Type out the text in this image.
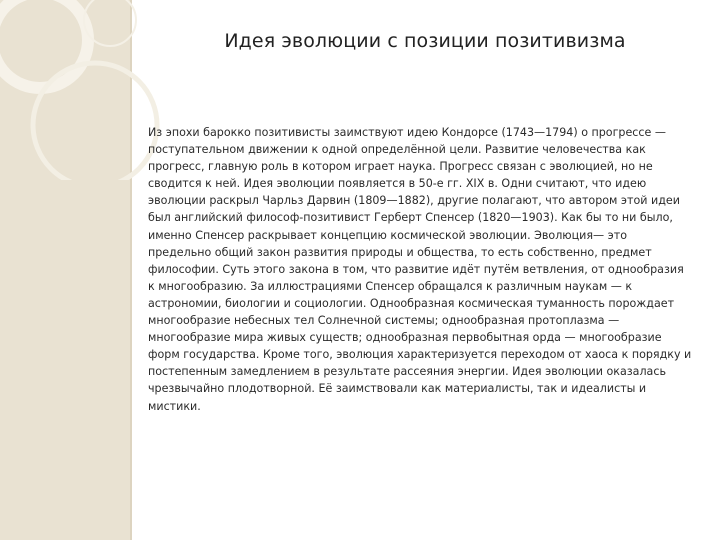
Идея эволюции с позиции позитивизма

Из эпохи барокко позитивисты заимствуют идею Кондорсе (1743—1794) о прогрессе — поступательном движении к одной определённой цели. Развитие человечества как прогресс, главную роль в котором играет наука. Прогресс связан с эволюцией, но не сводится к ней. Идея эволюции появляется в 50-е гг. XIX в. Одни считают, что идею эволюции раскрыл Чарльз Дарвин (1809—1882), другие полагают, что автором этой идеи был английский философ-позитивист Герберт Спенсер (1820—1903). Как бы то ни было, именно Спенсер раскрывает концепцию космической эволюции. Эволюция— это предельно общий закон развития природы и общества, то есть собственно, предмет философии. Суть этого закона в том, что развитие идёт путём ветвления, от однообразия к многообразию. За иллюстрациями Спенсер обращался к различным наукам — к астрономии, биологии и социологии. Однообразная космическая туманность порождает многообразие небесных тел Солнечной системы; однообразная протоплазма — многообразие мира живых существ; однообразная первобытная орда — многообразие форм государства. Кроме того, эволюция характеризуется переходом от хаоса к порядку и постепенным замедлением в результате рассеяния энергии. Идея эволюции оказалась чрезвычайно плодотворной. Её заимствовали как материалисты, так и идеалисты и мистики.
